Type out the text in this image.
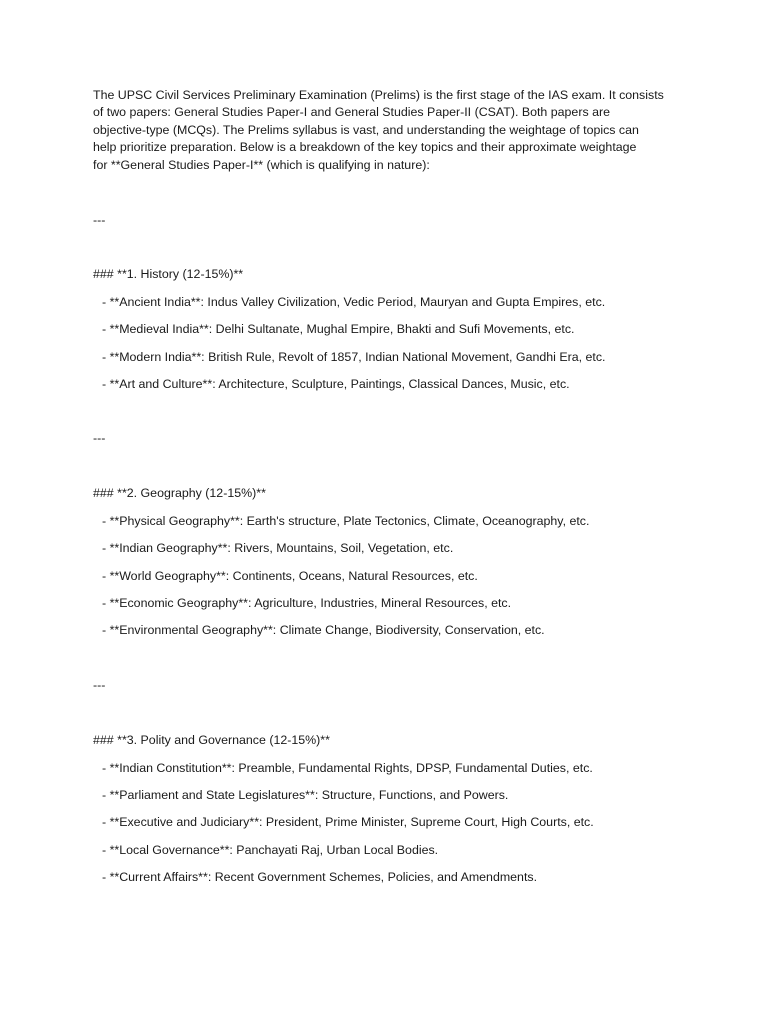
The UPSC Civil Services Preliminary Examination (Prelims) is the first stage of the IAS exam. It consists
of two papers: General Studies Paper-I and General Studies Paper-II (CSAT). Both papers are
objective-type (MCQs). The Prelims syllabus is vast, and understanding the weightage of topics can
help prioritize preparation. Below is a breakdown of the key topics and their approximate weightage
for **General Studies Paper-I** (which is qualifying in nature):

---

### **1. History (12-15%)**

- **Ancient India**: Indus Valley Civilization, Vedic Period, Mauryan and Gupta Empires, etc.

- **Medieval India**: Delhi Sultanate, Mughal Empire, Bhakti and Sufi Movements, etc.

- **Modern India**: British Rule, Revolt of 1857, Indian National Movement, Gandhi Era, etc.

- **Art and Culture**: Architecture, Sculpture, Paintings, Classical Dances, Music, etc.

---

### **2. Geography (12-15%)**

- **Physical Geography**: Earth's structure, Plate Tectonics, Climate, Oceanography, etc.

- **Indian Geography**: Rivers, Mountains, Soil, Vegetation, etc.

- **World Geography**: Continents, Oceans, Natural Resources, etc.

- **Economic Geography**: Agriculture, Industries, Mineral Resources, etc.

- **Environmental Geography**: Climate Change, Biodiversity, Conservation, etc.

---

### **3. Polity and Governance (12-15%)**

- **Indian Constitution**: Preamble, Fundamental Rights, DPSP, Fundamental Duties, etc.

- **Parliament and State Legislatures**: Structure, Functions, and Powers.

- **Executive and Judiciary**: President, Prime Minister, Supreme Court, High Courts, etc.

- **Local Governance**: Panchayati Raj, Urban Local Bodies.

- **Current Affairs**: Recent Government Schemes, Policies, and Amendments.
